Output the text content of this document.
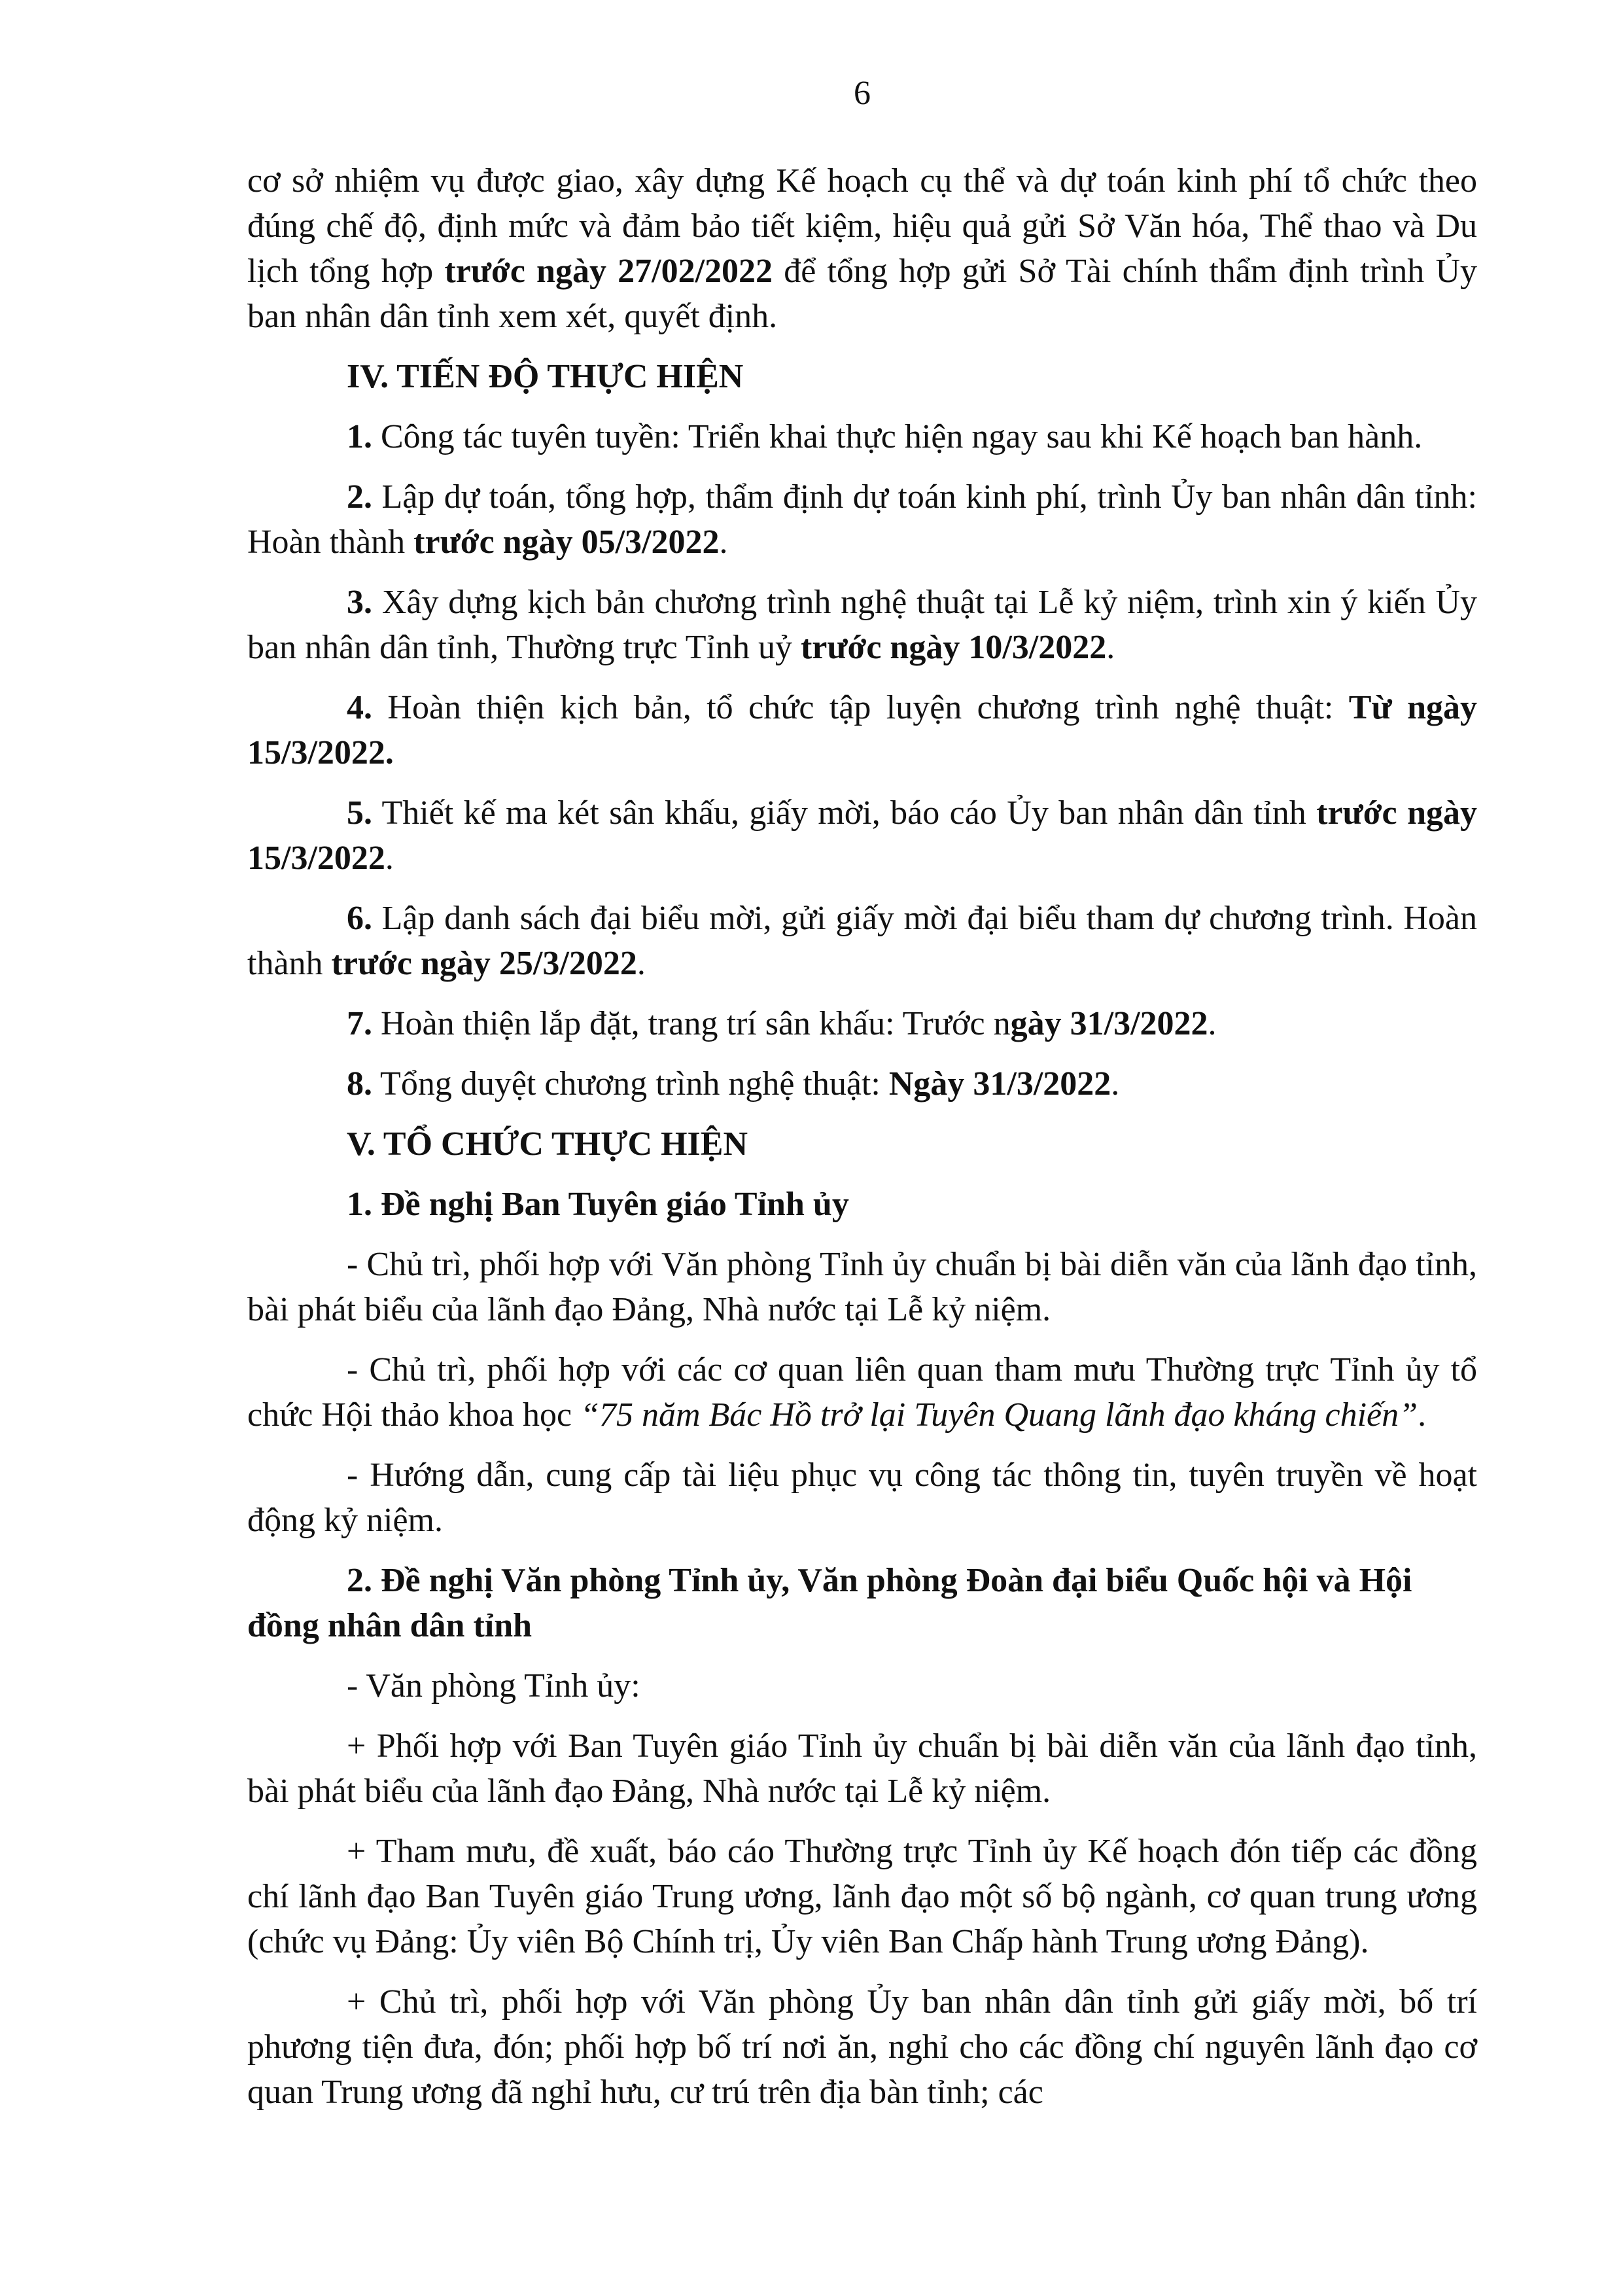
6

cơ sở nhiệm vụ được giao, xây dựng Kế hoạch cụ thể và dự toán kinh phí tổ chức theo đúng chế độ, định mức và đảm bảo tiết kiệm, hiệu quả gửi Sở Văn hóa, Thể thao và Du lịch tổng hợp trước ngày 27/02/2022 để tổng hợp gửi Sở Tài chính thẩm định trình Ủy ban nhân dân tỉnh xem xét, quyết định.

IV. TIẾN ĐỘ THỰC HIỆN

1. Công tác tuyên tuyền: Triển khai thực hiện ngay sau khi Kế hoạch ban hành.

2. Lập dự toán, tổng hợp, thẩm định dự toán kinh phí, trình Ủy ban nhân dân tỉnh: Hoàn thành trước ngày 05/3/2022.

3. Xây dựng kịch bản chương trình nghệ thuật tại Lễ kỷ niệm, trình xin ý kiến Ủy ban nhân dân tỉnh, Thường trực Tỉnh uỷ trước ngày 10/3/2022.

4. Hoàn thiện kịch bản, tổ chức tập luyện chương trình nghệ thuật: Từ ngày 15/3/2022.

5. Thiết kế ma két sân khấu, giấy mời, báo cáo Ủy ban nhân dân tỉnh trước ngày 15/3/2022.

6. Lập danh sách đại biểu mời, gửi giấy mời đại biểu tham dự chương trình. Hoàn thành trước ngày 25/3/2022.

7. Hoàn thiện lắp đặt, trang trí sân khấu: Trước ngày 31/3/2022.

8. Tổng duyệt chương trình nghệ thuật: Ngày 31/3/2022.

V. TỔ CHỨC THỰC HIỆN

1. Đề nghị Ban Tuyên giáo Tỉnh ủy

- Chủ trì, phối hợp với Văn phòng Tỉnh ủy chuẩn bị bài diễn văn của lãnh đạo tỉnh, bài phát biểu của lãnh đạo Đảng, Nhà nước tại Lễ kỷ niệm.

- Chủ trì, phối hợp với các cơ quan liên quan tham mưu Thường trực Tỉnh ủy tổ chức Hội thảo khoa học “75 năm Bác Hồ trở lại Tuyên Quang lãnh đạo kháng chiến”.

- Hướng dẫn, cung cấp tài liệu phục vụ công tác thông tin, tuyên truyền về hoạt động kỷ niệm.

2. Đề nghị Văn phòng Tỉnh ủy, Văn phòng Đoàn đại biểu Quốc hội và Hội đồng nhân dân tỉnh

- Văn phòng Tỉnh ủy:

+ Phối hợp với Ban Tuyên giáo Tỉnh ủy chuẩn bị bài diễn văn của lãnh đạo tỉnh, bài phát biểu của lãnh đạo Đảng, Nhà nước tại Lễ kỷ niệm.

+ Tham mưu, đề xuất, báo cáo Thường trực Tỉnh ủy Kế hoạch đón tiếp các đồng chí lãnh đạo Ban Tuyên giáo Trung ương, lãnh đạo một số bộ ngành, cơ quan trung ương (chức vụ Đảng: Ủy viên Bộ Chính trị, Ủy viên Ban Chấp hành Trung ương Đảng).

+ Chủ trì, phối hợp với Văn phòng Ủy ban nhân dân tỉnh gửi giấy mời, bố trí phương tiện đưa, đón; phối hợp bố trí nơi ăn, nghỉ cho các đồng chí nguyên lãnh đạo cơ quan Trung ương đã nghỉ hưu, cư trú trên địa bàn tỉnh; các
